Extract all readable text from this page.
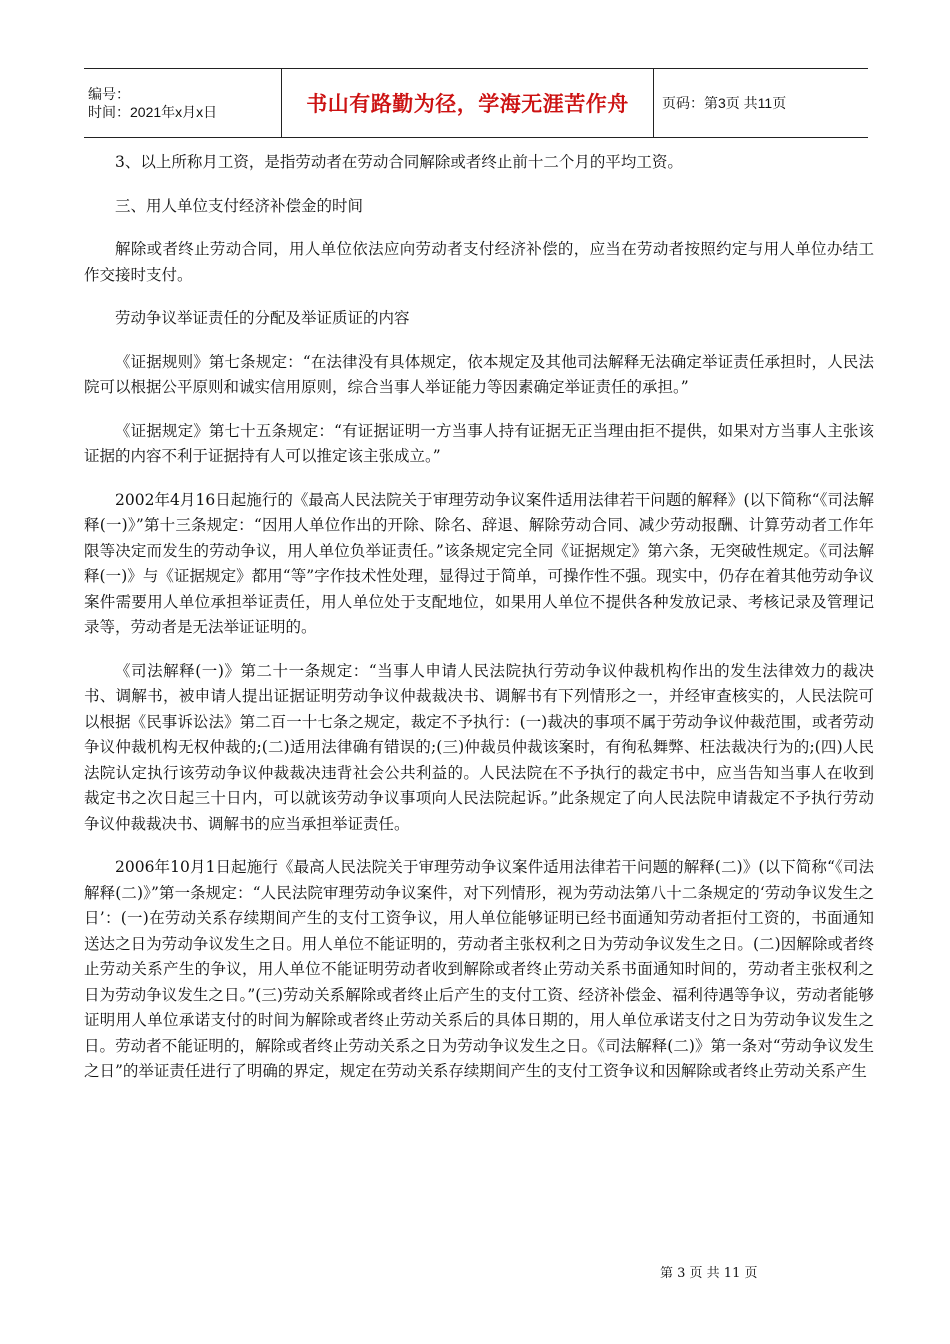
编号：
时间：2021年x月x日	书山有路勤为径，学海无涯苦作舟 页码：第3页 共11页

3、以上所称月工资，是指劳动者在劳动合同解除或者终止前十二个月的平均工资。

三、用人单位支付经济补偿金的时间

解除或者终止劳动合同，用人单位依法应向劳动者支付经济补偿的，应当在劳动者按照约定与用人单位办结工作交接时支付。

劳动争议举证责任的分配及举证质证的内容

《证据规则》第七条规定：“在法律没有具体规定，依本规定及其他司法解释无法确定举证责任承担时，人民法院可以根据公平原则和诚实信用原则，综合当事人举证能力等因素确定举证责任的承担。”

《证据规定》第七十五条规定：“有证据证明一方当事人持有证据无正当理由拒不提供，如果对方当事人主张该证据的内容不利于证据持有人可以推定该主张成立。”

2002年4月16日起施行的《最高人民法院关于审理劳动争议案件适用法律若干问题的解释》(以下简称“《司法解释(一)》”第十三条规定：“因用人单位作出的开除、除名、辞退、解除劳动合同、减少劳动报酬、计算劳动者工作年限等决定而发生的劳动争议，用人单位负举证责任。”该条规定完全同《证据规定》第六条，无突破性规定。《司法解释(一)》与《证据规定》都用“等”字作技术性处理，显得过于简单，可操作性不强。现实中，仍存在着其他劳动争议案件需要用人单位承担举证责任，用人单位处于支配地位，如果用人单位不提供各种发放记录、考核记录及管理记录等，劳动者是无法举证证明的。

《司法解释(一)》第二十一条规定：“当事人申请人民法院执行劳动争议仲裁机构作出的发生法律效力的裁决书、调解书，被申请人提出证据证明劳动争议仲裁裁决书、调解书有下列情形之一，并经审查核实的，人民法院可以根据《民事诉讼法》第二百一十七条之规定，裁定不予执行：(一)裁决的事项不属于劳动争议仲裁范围，或者劳动争议仲裁机构无权仲裁的;(二)适用法律确有错误的;(三)仲裁员仲裁该案时，有徇私舞弊、枉法裁决行为的;(四)人民法院认定执行该劳动争议仲裁裁决违背社会公共利益的。人民法院在不予执行的裁定书中，应当告知当事人在收到裁定书之次日起三十日内，可以就该劳动争议事项向人民法院起诉。”此条规定了向人民法院申请裁定不予执行劳动争议仲裁裁决书、调解书的应当承担举证责任。

2006年10月1日起施行《最高人民法院关于审理劳动争议案件适用法律若干问题的解释(二)》(以下简称“《司法解释(二)》”第一条规定：“人民法院审理劳动争议案件，对下列情形，视为劳动法第八十二条规定的‘劳动争议发生之日’：(一)在劳动关系存续期间产生的支付工资争议，用人单位能够证明已经书面通知劳动者拒付工资的，书面通知送达之日为劳动争议发生之日。用人单位不能证明的，劳动者主张权利之日为劳动争议发生之日。(二)因解除或者终止劳动关系产生的争议，用人单位不能证明劳动者收到解除或者终止劳动关系书面通知时间的，劳动者主张权利之日为劳动争议发生之日。”(三)劳动关系解除或者终止后产生的支付工资、经济补偿金、福利待遇等争议，劳动者能够证明用人单位承诺支付的时间为解除或者终止劳动关系后的具体日期的，用人单位承诺支付之日为劳动争议发生之日。劳动者不能证明的，解除或者终止劳动关系之日为劳动争议发生之日。《司法解释(二)》第一条对“劳动争议发生之日”的举证责任进行了明确的界定，规定在劳动关系存续期间产生的支付工资争议和因解除或者终止劳动关系产生

第 3 页 共 11 页
